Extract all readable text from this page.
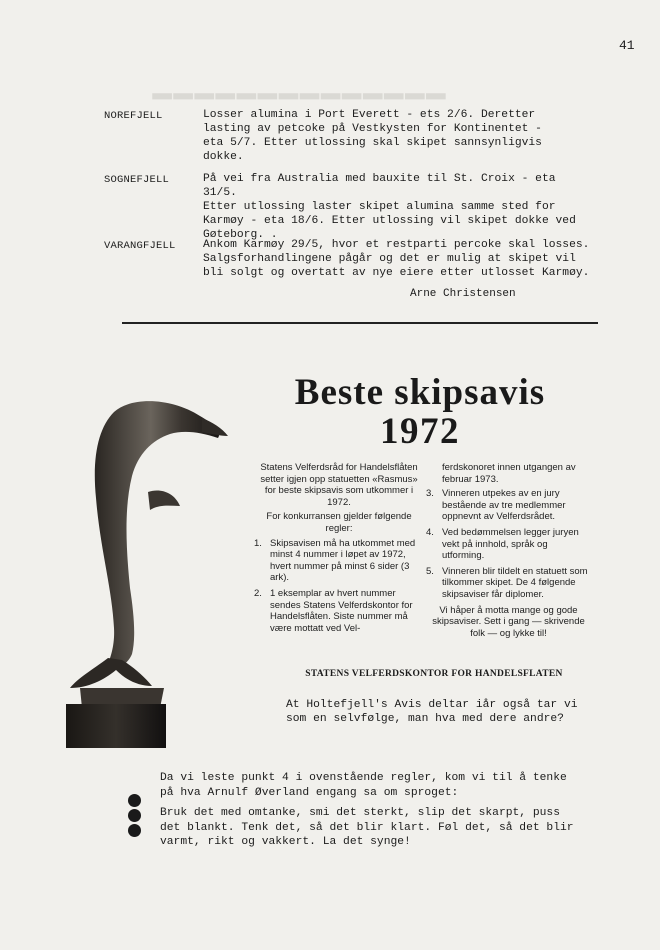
41
━━━━━━━━━━━━━━
NOREFJELL	Losser alumina i Port Everett - ets 2/6. Deretter
lasting av petcoke på Vestkysten for Kontinentet -
eta 5/7. Etter utlossing skal skipet sannsynligvis
dokke.
SOGNEFJELL	På vei fra Australia med bauxite til St. Croix - eta 31/5.
Etter utlossing laster skipet alumina samme sted for
Karmøy - eta 18/6. Etter utlossing vil skipet dokke ved
Gøteborg. .
VARANGFJELL Ankom Karmøy 29/5, hvor et restparti percoke skal losses.
Salgsforhandlingene pågår og det er mulig at skipet vil
bli solgt og overtatt av nye eiere etter utlosset Karmøy.
Arne Christensen
Beste skipsavis
1972

Statens Velferdsråd for Handelsflåten setter igjen opp statuetten «Rasmus» for beste skipsavis som utkommer i 1972.

For konkurransen gjelder følgende regler:

1. Skipsavisen må ha utkommet med minst 4 nummer i løpet av 1972, hvert nummer på minst 6 sider (3 ark).
2. 1 eksemplar av hvert nummer sendes Statens Velferdskontor for Handelsflåten. Siste nummer må være mottatt ved Vel-

ferdskonoret innen utgangen av februar 1973.

3. Vinneren utpekes av en jury bestående av tre medlemmer oppnevnt av Velferdsrådet.
4. Ved bedømmelsen legger juryen vekt på innhold, språk og utforming.
5. Vinneren blir tildelt en statuett som tilkommer skipet. De 4 følgende skipsaviser får diplomer.

Vi håper å motta mange og gode skipsaviser. Sett i gang — skrivende folk — og lykke til!

STATENS VELFERDSKONTOR FOR HANDELSFLATEN
At Holtefjell's Avis deltar iår også tar vi
som en selvfølge, man hva med dere andre?

Da vi leste punkt 4 i ovenstående regler, kom vi til å tenke
på hva Arnulf Øverland engang sa om sproget:

Bruk det med omtanke, smi det sterkt, slip det skarpt, puss
det blankt. Tenk det, så det blir klart. Føl det, så det blir
varmt, rikt og vakkert. La det synge!
